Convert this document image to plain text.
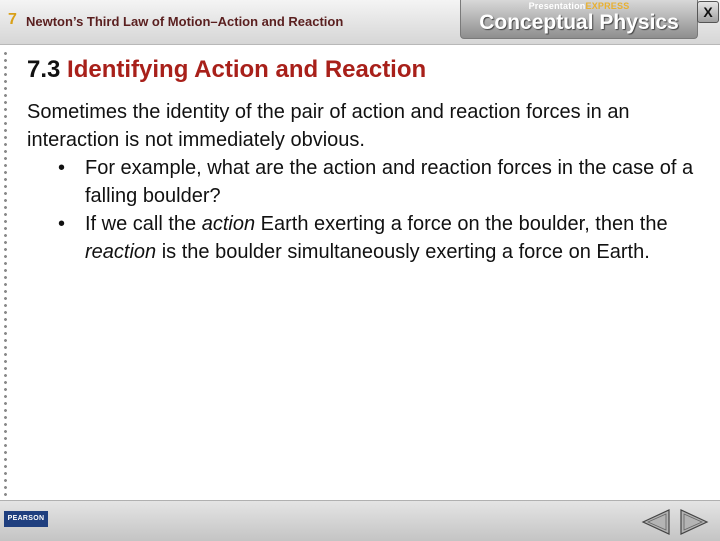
7 Newton’s Third Law of Motion–Action and Reaction
PresentationEXPRESS
Conceptual Physics	X
7.3 Identifying Action and Reaction

Sometimes the identity of the pair of action and reaction forces in an interaction is not immediately obvious.

• For example, what are the action and reaction forces in the case of a falling boulder?
• If we call the action Earth exerting a force on the boulder, then the reaction is the boulder simultaneously exerting a force on Earth.
PEARSON
